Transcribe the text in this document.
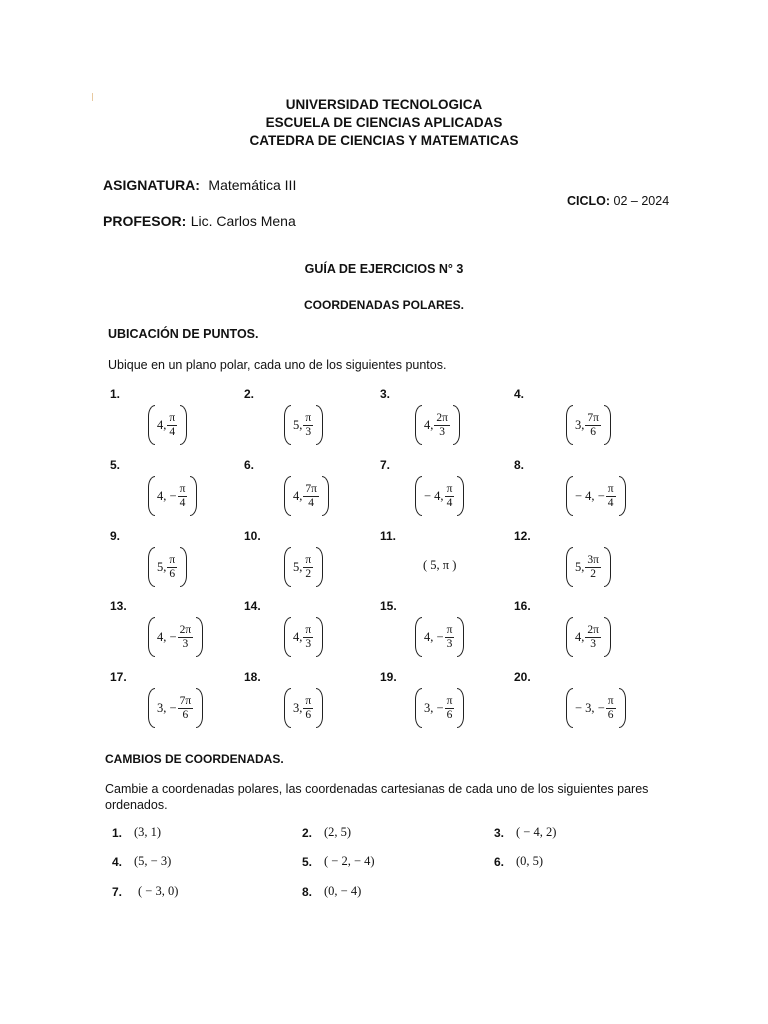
UNIVERSIDAD TECNOLOGICA
ESCUELA DE CIENCIAS APLICADAS
CATEDRA DE CIENCIAS Y MATEMATICAS
ASIGNATURA: Matemática III
CICLO: 02 – 2024
PROFESOR: Lic. Carlos Mena
GUÍA DE EJERCICIOS N° 3
COORDENADAS POLARES.
UBICACIÓN DE PUNTOS.
Ubique en un plano polar, cada uno de los siguientes puntos.
1.
4, $\frac{\pi}{4}$
2.
5, $\frac{\pi}{3}$
3.
4, $\frac{2\pi}{3}$
4.
3, $\frac{7\pi}{6}$
5.
4, − $\frac{\pi}{4}$
6.
4, $\frac{7\pi}{4}$
7.
− 4, $\frac{\pi}{4}$
8.
− 4, − $\frac{\pi}{4}$
9.
5, $\frac{\pi}{6}$
10.
5, $\frac{\pi}{2}$
11.
( 5, π )
12.
5, $\frac{3\pi}{2}$
13.
4, − $\frac{2\pi}{3}$
14.
4, $\frac{\pi}{3}$
15.
4, − $\frac{\pi}{3}$
16.
4, $\frac{2\pi}{3}$
17.
3, − $\frac{7\pi}{6}$
18.
3, $\frac{\pi}{6}$
19.
3, − $\frac{\pi}{6}$
20.
− 3, − $\frac{\pi}{6}$
CAMBIOS DE COORDENADAS.
Cambie a coordenadas polares, las coordenadas cartesianas de cada uno de los siguientes pares ordenados.
1. (3, 1)	2. (2, 5)	3. ( − 4, 2)
4. (5, − 3)	5. ( − 2, − 4)	6. (0, 5)
7. ( − 3, 0)	8. (0, − 4)
